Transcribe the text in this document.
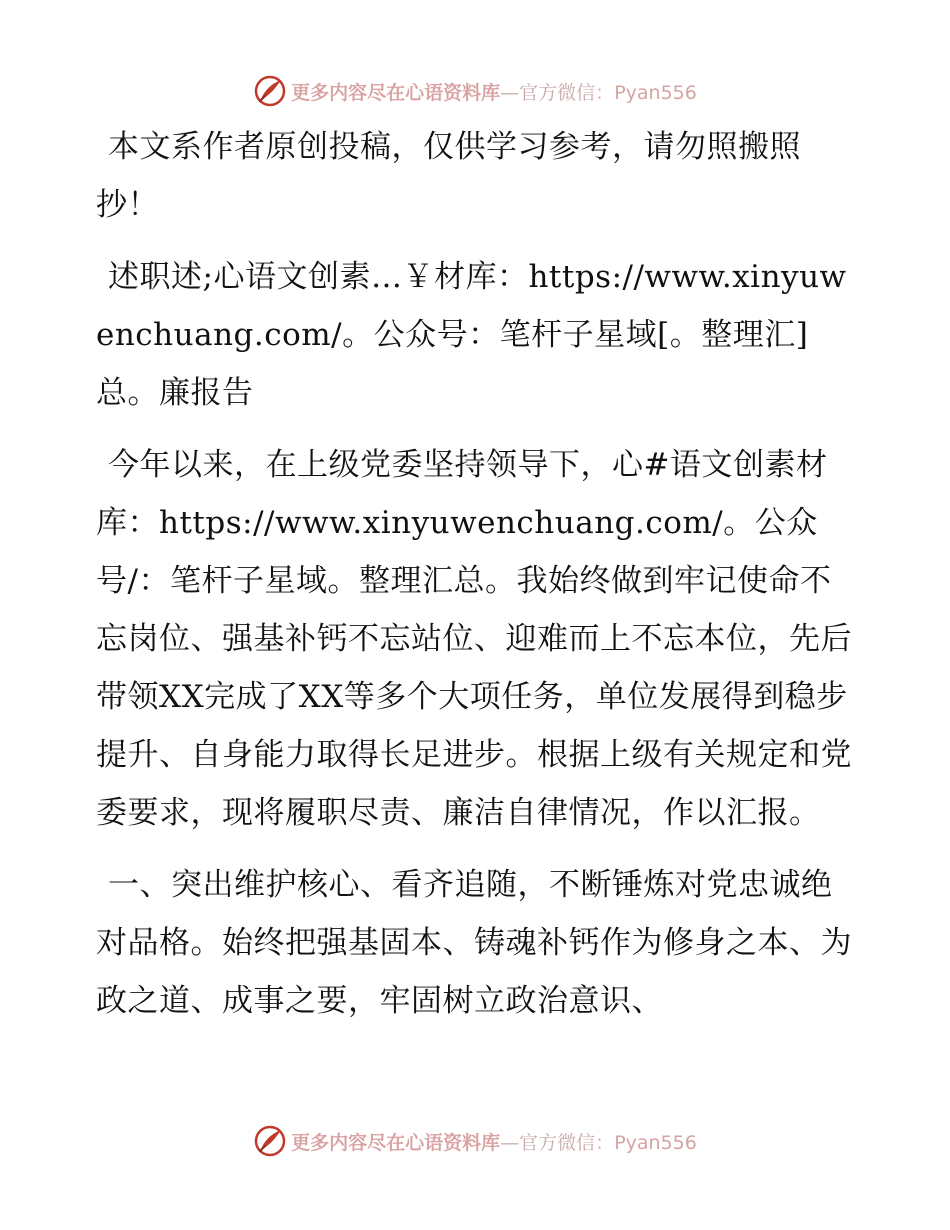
更多内容尽在心语资料库—官方微信：Pyan556

本文系作者原创投稿，仅供学习参考，请勿照搬照抄！

述职述;心语文创素…￥材库：https://www.xinyuwenchuang.com/。公众号：笔杆子星域[。整理汇]总。廉报告

今年以来，在上级党委坚持领导下，心#语文创素材库：https://www.xinyuwenchuang.com/。公众号/：笔杆子星域。整理汇总。我始终做到牢记使命不忘岗位、强基补钙不忘站位、迎难而上不忘本位，先后带领XX完成了XX等多个大项任务，单位发展得到稳步提升、自身能力取得长足进步。根据上级有关规定和党委要求，现将履职尽责、廉洁自律情况，作以汇报。

一、突出维护核心、看齐追随，不断锤炼对党忠诚绝对品格。始终把强基固本、铸魂补钙作为修身之本、为政之道、成事之要，牢固树立政治意识、

更多内容尽在心语资料库—官方微信：Pyan556
